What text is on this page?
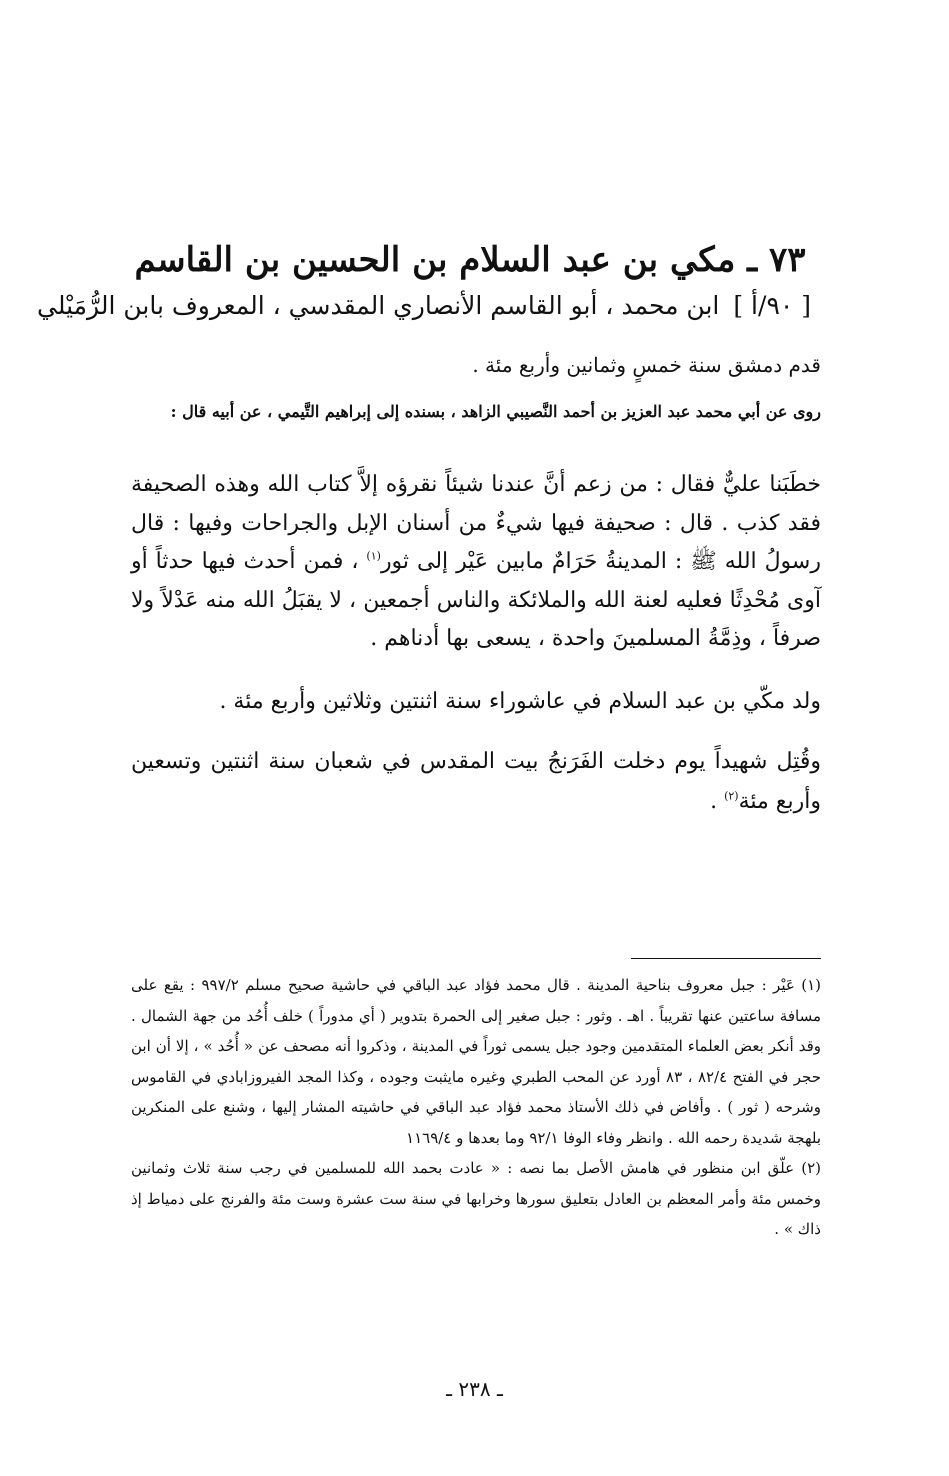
٧٣ ـ مكي بن عبد السلام بن الحسين بن القاسم
[ ٩٠/أ ]ابن محمد ، أبو القاسم الأنصاري المقدسي ، المعروف بابن الرُّمَيْلي

قدم دمشق سنة خمسٍ وثمانين وأربع مئة .

روى عن أبي محمد عبد العزيز بن أحمد النَّصيبي الزاهد ، بسنده إلى إبراهيم التَّيمي ، عن أبيه قال :

خطَبَنا عليٌّ فقال : من زعم أنَّ عندنا شيئاً نقرؤه إلاَّ كتاب الله وهذه الصحيفة فقد كذب . قال : صحيفة فيها شيءٌ من أسنان الإبل والجراحات وفيها : قال رسولُ الله ﷺ : المدينةُ حَرَامٌ مابين عَيْر إلى ثور$^{(١)}$ ، فمن أحدث فيها حدثاً أو آوى مُحْدِثًا فعليه لعنة الله والملائكة والناس أجمعين ، لا يقبَلُ الله منه عَدْلاً ولا صرفاً ، وذِمَّةُ المسلمينَ واحدة ، يسعى بها أدناهم .

ولد مكّي بن عبد السلام في عاشوراء سنة اثنتين وثلاثين وأربع مئة .

وقُتِل شهيداً يوم دخلت الفَرَنجُ بيت المقدس في شعبان سنة اثنتين وتسعين وأربع مئة$^{(٢)}$ .

(١) عَيْر : جبل معروف بناحية المدينة . قال محمد فؤاد عبد الباقي في حاشية صحيح مسلم ٩٩٧/٢ : يقع على مسافة ساعتين عنها تقريباً . اهـ . وثور : جبل صغير إلى الحمرة بتدوير ( أي مدوراً ) خلف أُحُد من جهة الشمال . وقد أنكر بعض العلماء المتقدمين وجود جبل يسمى ثوراً في المدينة ، وذكروا أنه مصحف عن « أُحُد » ، إلا أن ابن حجر في الفتح ٨٢/٤ ، ٨٣ أورد عن المحب الطبري وغيره مايثبت وجوده ، وكذا المجد الفيروزابادي في القاموس وشرحه ( ثور ) . وأفاض في ذلك الأستاذ محمد فؤاد عبد الباقي في حاشيته المشار إليها ، وشنع على المنكرين بلهجة شديدة رحمه الله . وانظر وفاء الوفا ٩٢/١ وما بعدها و ١١٦٩/٤

(٢) علّق ابن منظور في هامش الأصل بما نصه : « عادت بحمد الله للمسلمين في رجب سنة ثلاث وثمانين وخمس مئة وأمر المعظم بن العادل بتعليق سورها وخرابها في سنة ست عشرة وست مئة والفرنج على دمياط إذ ذاك » .

ـ ٢٣٨ ـ
